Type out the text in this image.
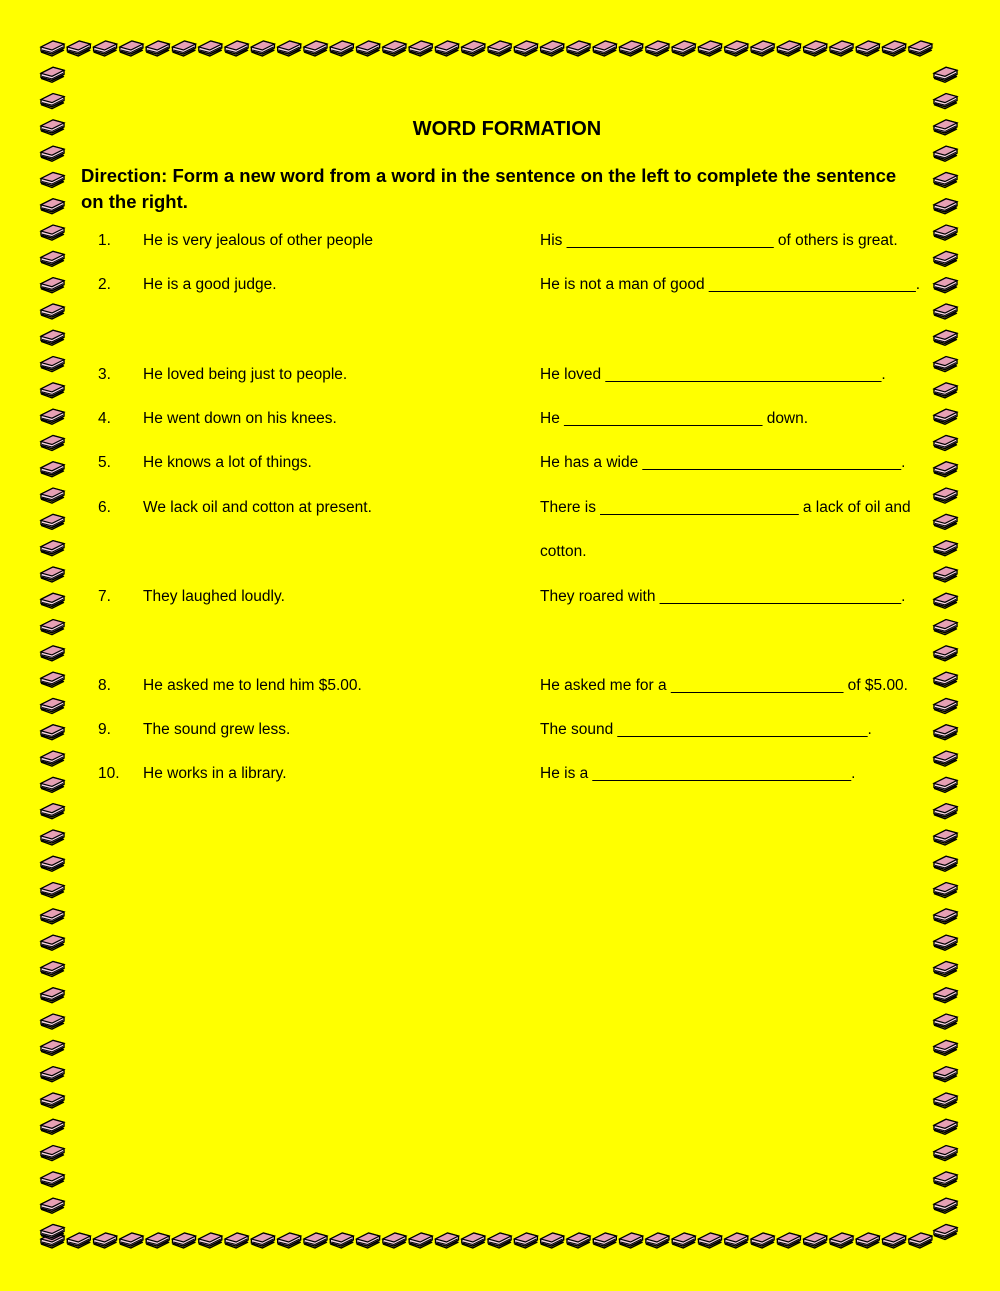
WORD FORMATION
Direction: Form a new word from a word in the sentence on the left to complete the sentence on the right.
1. He is very jealous of other people	His ________________________ of others is great.
2. He is a good judge.	He is not a man of good ________________________.
3. He loved being just to people.	He loved ________________________________.
4. He went down on his knees.	He _______________________ down.
5. He knows a lot of things.	He has a wide ______________________________.
6. We lack oil and cotton at present.	There is _______________________ a lack of oil and
cotton.
7. They laughed loudly.	They roared with ____________________________.
8. He asked me to lend him $5.00.	He asked me for a ____________________ of $5.00.
9. The sound grew less.	The sound _____________________________.
10. He works in a library.	He is a ______________________________.
